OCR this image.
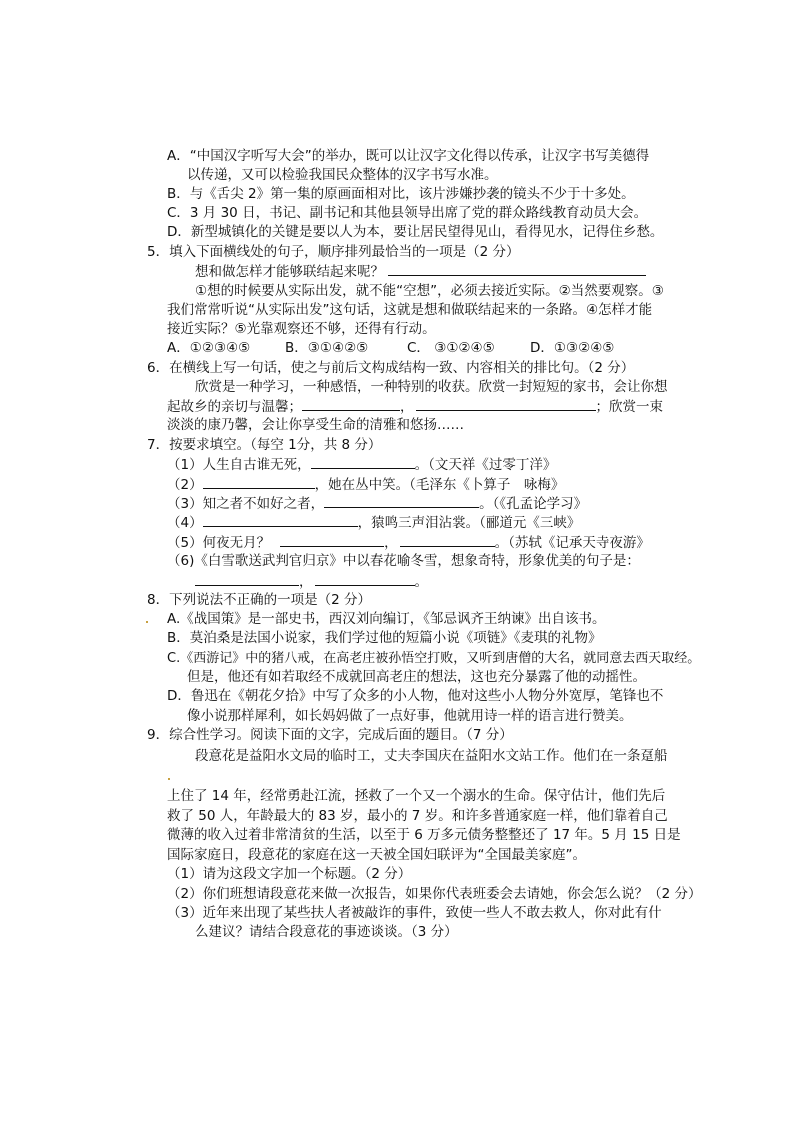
A．“中国汉字听写大会”的举办，既可以让汉字文化得以传承，让汉字书写美德得
以传递，又可以检验我国民众整体的汉字书写水准。
B．与《舌尖 2》第一集的原画面相对比，该片涉嫌抄袭的镜头不少于十多处。
C．3 月 30 日，书记、副书记和其他县领导出席了党的群众路线教育动员大会。
D．新型城镇化的关键是要以人为本，要让居民望得见山，看得见水，记得住乡愁。
5．填入下面横线处的句子，顺序排列最恰当的一项是（2 分）
想和做怎样才能够联结起来呢？
①想的时候要从实际出发，就不能“空想”，必须去接近实际。②当然要观察。③
我们常常听说“从实际出发”这句话，这就是想和做联结起来的一条路。④怎样才能
接近实际？⑤光靠观察还不够，还得有行动。
A．①②③④⑤	B．③①④②⑤	C． ③①②④⑤	D．①③②④⑤
6．在横线上写一句话，使之与前后文构成结构一致、内容相关的排比句。（2 分）
欣赏是一种学习，一种感悟，一种特别的收获。欣赏一封短短的家书，会让你想
起故乡的亲切与温馨；	，	；欣赏一束
淡淡的康乃馨，会让你享受生命的清雅和悠扬……
7．按要求填空。（每空 1分，共 8 分）
（1）人生自古谁无死，	。（文天祥《过零丁洋》
（2）	，她在丛中笑。（毛泽东《卜算子　咏梅》
（3）知之者不如好之者，	。（《孔孟论学习》
（4）	，猿鸣三声泪沾裳。（郦道元《三峡》
（5）何夜无月？	，	。（苏轼《记承天寺夜游》
（6)《白雪歌送武判官归京》中以春花喻冬雪，想象奇特，形象优美的句子是：
，	。
8．下列说法不正确的一项是（2 分）
A.《战国策》是一部史书，西汉刘向编订，《邹忌讽齐王纳谏》出自该书。
B．莫泊桑是法国小说家，我们学过他的短篇小说《项链》《麦琪的礼物》
C.《西游记》中的猪八戒，在高老庄被孙悟空打败，又听到唐僧的大名，就同意去西天取经。
但是，他还有如若取经不成就回高老庄的想法，这也充分暴露了他的动摇性。
D．鲁迅在《朝花夕拾》中写了众多的小人物，他对这些小人物分外宽厚，笔锋也不
像小说那样犀利，如长妈妈做了一点好事，他就用诗一样的语言进行赞美。
9．综合性学习。阅读下面的文字，完成后面的题目。（7 分）
段意花是益阳水文局的临时工，丈夫李国庆在益阳水文站工作。他们在一条趸船
上住了 14 年，经常勇赴江流，拯救了一个又一个溺水的生命。保守估计，他们先后
救了 50 人，年龄最大的 83 岁，最小的 7 岁。和许多普通家庭一样，他们靠着自己
微薄的收入过着非常清贫的生活，以至于 6 万多元债务整整还了 17 年。5 月 15 日是
国际家庭日，段意花的家庭在这一天被全国妇联评为“全国最美家庭”。
（1）请为这段文字加一个标题。（2 分）
（2）你们班想请段意花来做一次报告，如果你代表班委会去请她，你会怎么说？（2 分）
（3）近年来出现了某些扶人者被敲诈的事件，致使一些人不敢去救人，你对此有什
么建议？请结合段意花的事迹谈谈。（3 分）
